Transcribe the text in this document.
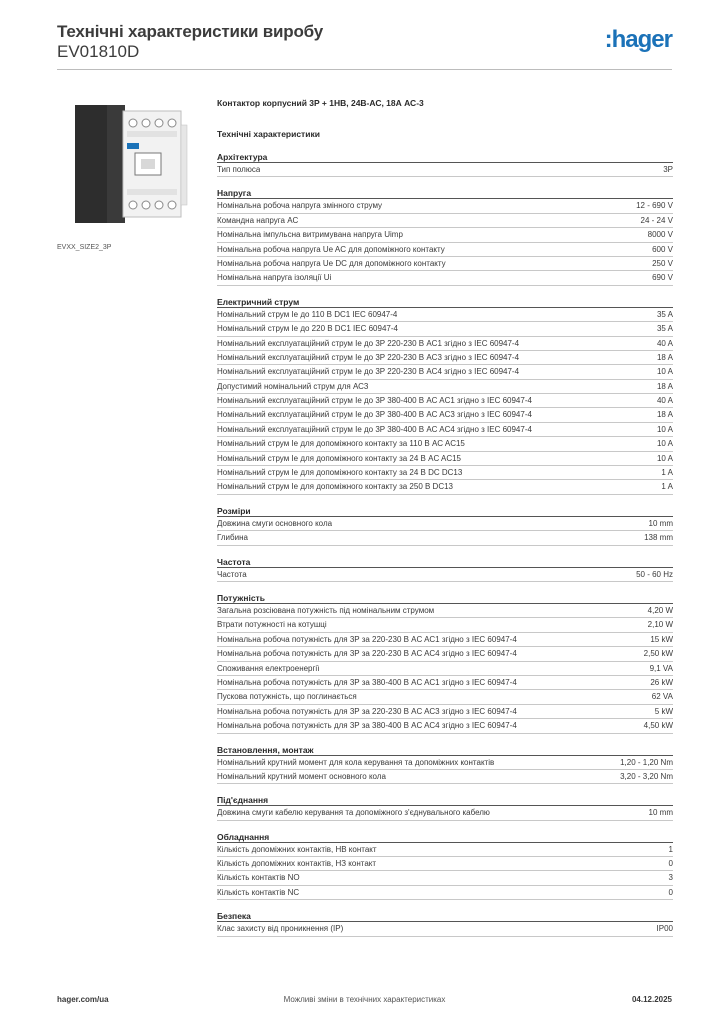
Технічні характеристики виробу
EV01810D	:hager
EVXX_SIZE2_3P
Контактор корпусний 3P + 1НВ, 24В-АС, 18А АС-3
Технічні характеристики
Архітектура
Тип полюса	3P
Напруга
Номінальна робоча напруга змінного струму	12 - 690 V
Командна напруга AC	24 - 24 V
Номінальна імпульсна витримувана напруга Uimp	8000 V
Номінальна робоча напруга Ue AC для допоміжного контакту	600 V
Номінальна робоча напруга Ue DC для допоміжного контакту	250 V
Номінальна напруга ізоляції Ui	690 V
Електричний струм
Номінальний струм Ie до 110 В DC1 IEC 60947-4	35 A
Номінальний струм Ie до 220 В DC1 IEC 60947-4	35 A
Номінальний експлуатаційний струм Ie до 3P 220-230 В AC1 згідно з IEC 60947-4	40 A
Номінальний експлуатаційний струм Ie до 3P 220-230 В AC3 згідно з IEC 60947-4	18 A
Номінальний експлуатаційний струм Ie до 3P 220-230 В AC4 згідно з IEC 60947-4	10 A
Допустимий номінальний струм для АС3	18 A
Номінальний експлуатаційний струм Ie до 3P 380-400 В AC AC1 згідно з IEC 60947-4	40 A
Номінальний експлуатаційний струм Ie до 3P 380-400 В AC AC3 згідно з IEC 60947-4	18 A
Номінальний експлуатаційний струм Ie до 3P 380-400 В AC AC4 згідно з IEC 60947-4	10 A
Номінальний струм Ie для допоміжного контакту за 110 В AC AC15	10 A
Номінальний струм Ie для допоміжного контакту за 24 В AC AC15	10 A
Номінальний струм Ie для допоміжного контакту за 24 В DC DC13	1 A
Номінальний струм Ie для допоміжного контакту за 250 В DC13	1 A
Розміри
Довжина смуги основного кола	10 mm
Глибина	138 mm
Частота
Частота	50 - 60 Hz
Потужність
Загальна розсіювана потужність під номінальним струмом	4,20 W
Втрати потужності на котушці	2,10 W
Номінальна робоча потужність для 3P за 220-230 В AC AC1 згідно з IEC 60947-4	15 kW
Номінальна робоча потужність для 3P за 220-230 В AC AC4 згідно з IEC 60947-4	2,50 kW
Споживання електроенергії	9,1 VA
Номінальна робоча потужність для 3P за 380-400 В AC AC1 згідно з IEC 60947-4	26 kW
Пускова потужність, що поглинається	62 VA
Номінальна робоча потужність для 3P за 220-230 В AC AC3 згідно з IEC 60947-4	5 kW
Номінальна робоча потужність для 3P за 380-400 В AC AC4 згідно з IEC 60947-4	4,50 kW
Встановлення, монтаж
Номінальний крутний момент для кола керування та допоміжних контактів	1,20 - 1,20 Nm
Номінальний крутний момент основного кола	3,20 - 3,20 Nm
Під'єднання
Довжина смуги кабелю керування та допоміжного з'єднувального кабелю	10 mm
Обладнання
Кількість допоміжних контактів, НВ контакт	1
Кількість допоміжних контактів, НЗ контакт	0
Кількість контактів NO	3
Кількість контактів NC	0
Безпека
Клас захисту від проникнення (IP)	IP00
hager.com/ua	Можливі зміни в технічних характеристиках	04.12.2025
